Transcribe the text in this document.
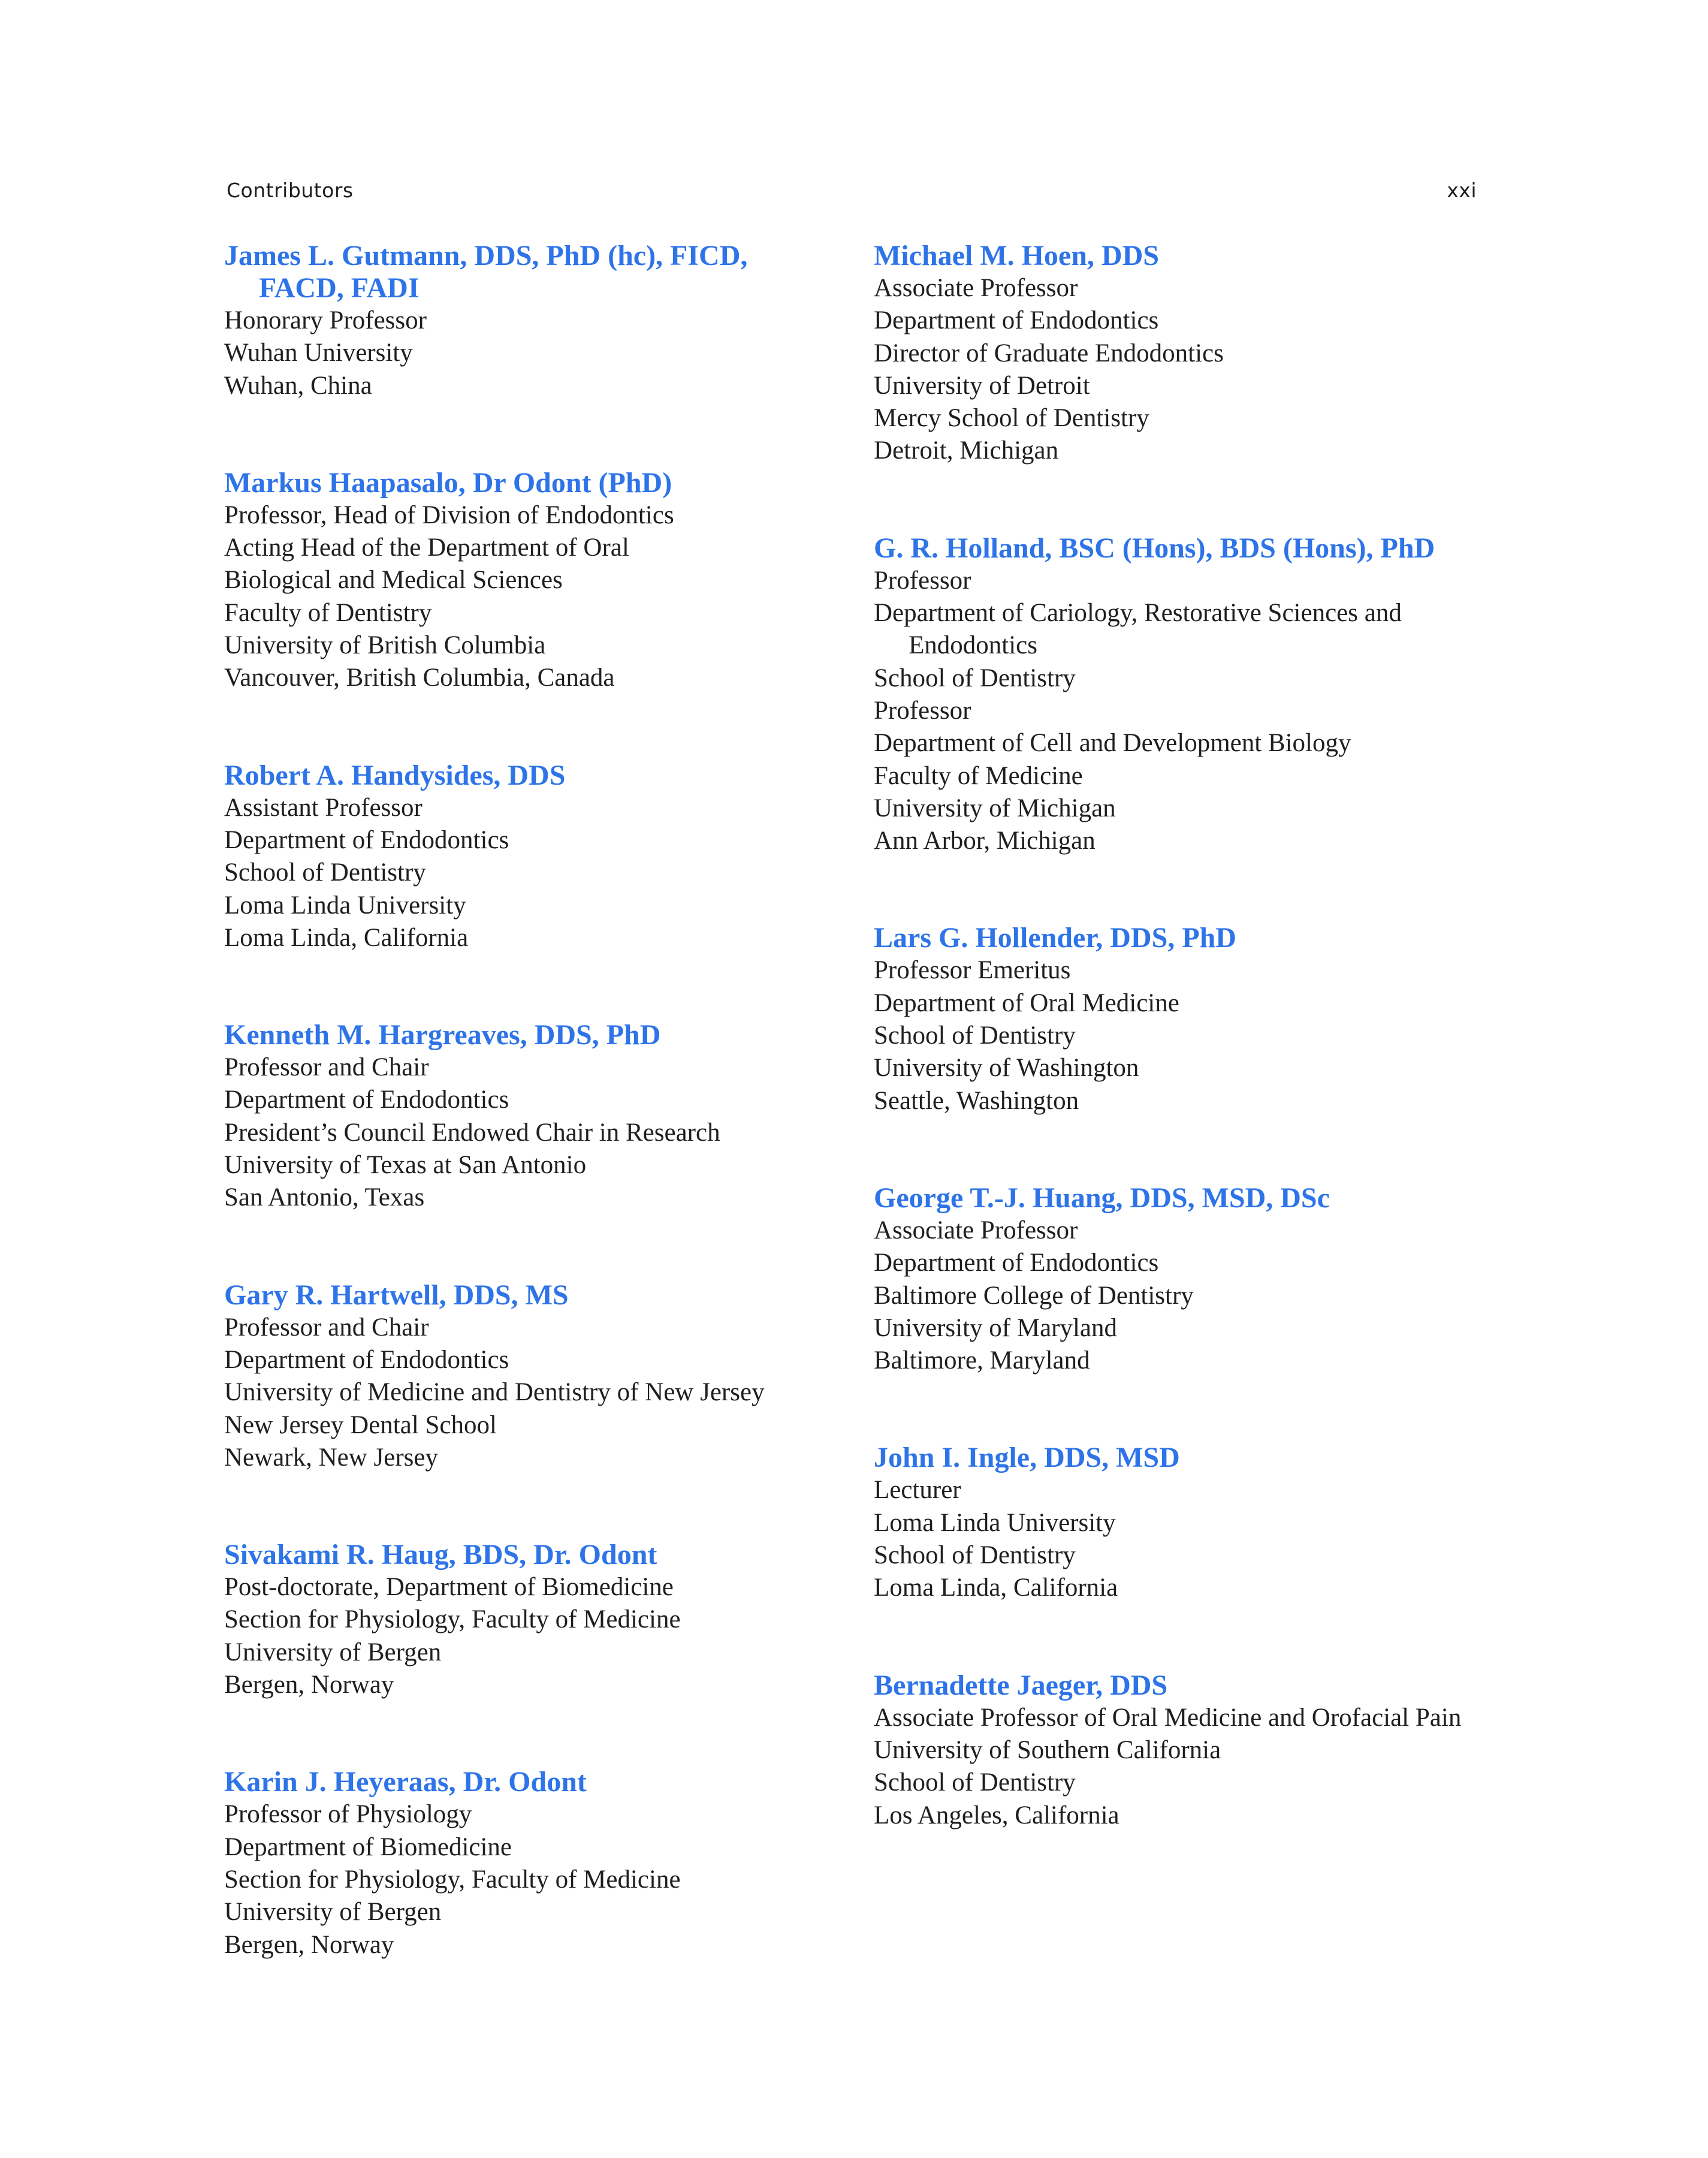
Contributors	xxi
James L. Gutmann, DDS, PhD (hc), FICD, FACD, FADI
Honorary Professor
Wuhan University
Wuhan, China
Markus Haapasalo, Dr Odont (PhD)
Professor, Head of Division of Endodontics
Acting Head of the Department of Oral
Biological and Medical Sciences
Faculty of Dentistry
University of British Columbia
Vancouver, British Columbia, Canada
Robert A. Handysides, DDS
Assistant Professor
Department of Endodontics
School of Dentistry
Loma Linda University
Loma Linda, California
Kenneth M. Hargreaves, DDS, PhD
Professor and Chair
Department of Endodontics
President’s Council Endowed Chair in Research
University of Texas at San Antonio
San Antonio, Texas
Gary R. Hartwell, DDS, MS
Professor and Chair
Department of Endodontics
University of Medicine and Dentistry of New Jersey
New Jersey Dental School
Newark, New Jersey
Sivakami R. Haug, BDS, Dr. Odont
Post-doctorate, Department of Biomedicine
Section for Physiology, Faculty of Medicine
University of Bergen
Bergen, Norway
Karin J. Heyeraas, Dr. Odont
Professor of Physiology
Department of Biomedicine
Section for Physiology, Faculty of Medicine
University of Bergen
Bergen, Norway
Michael M. Hoen, DDS
Associate Professor
Department of Endodontics
Director of Graduate Endodontics
University of Detroit
Mercy School of Dentistry
Detroit, Michigan
G. R. Holland, BSC (Hons), BDS (Hons), PhD
Professor
Department of Cariology, Restorative Sciences and Endodontics
School of Dentistry
Professor
Department of Cell and Development Biology
Faculty of Medicine
University of Michigan
Ann Arbor, Michigan
Lars G. Hollender, DDS, PhD
Professor Emeritus
Department of Oral Medicine
School of Dentistry
University of Washington
Seattle, Washington
George T.-J. Huang, DDS, MSD, DSc
Associate Professor
Department of Endodontics
Baltimore College of Dentistry
University of Maryland
Baltimore, Maryland
John I. Ingle, DDS, MSD
Lecturer
Loma Linda University
School of Dentistry
Loma Linda, California
Bernadette Jaeger, DDS
Associate Professor of Oral Medicine and Orofacial Pain
University of Southern California
School of Dentistry
Los Angeles, California
